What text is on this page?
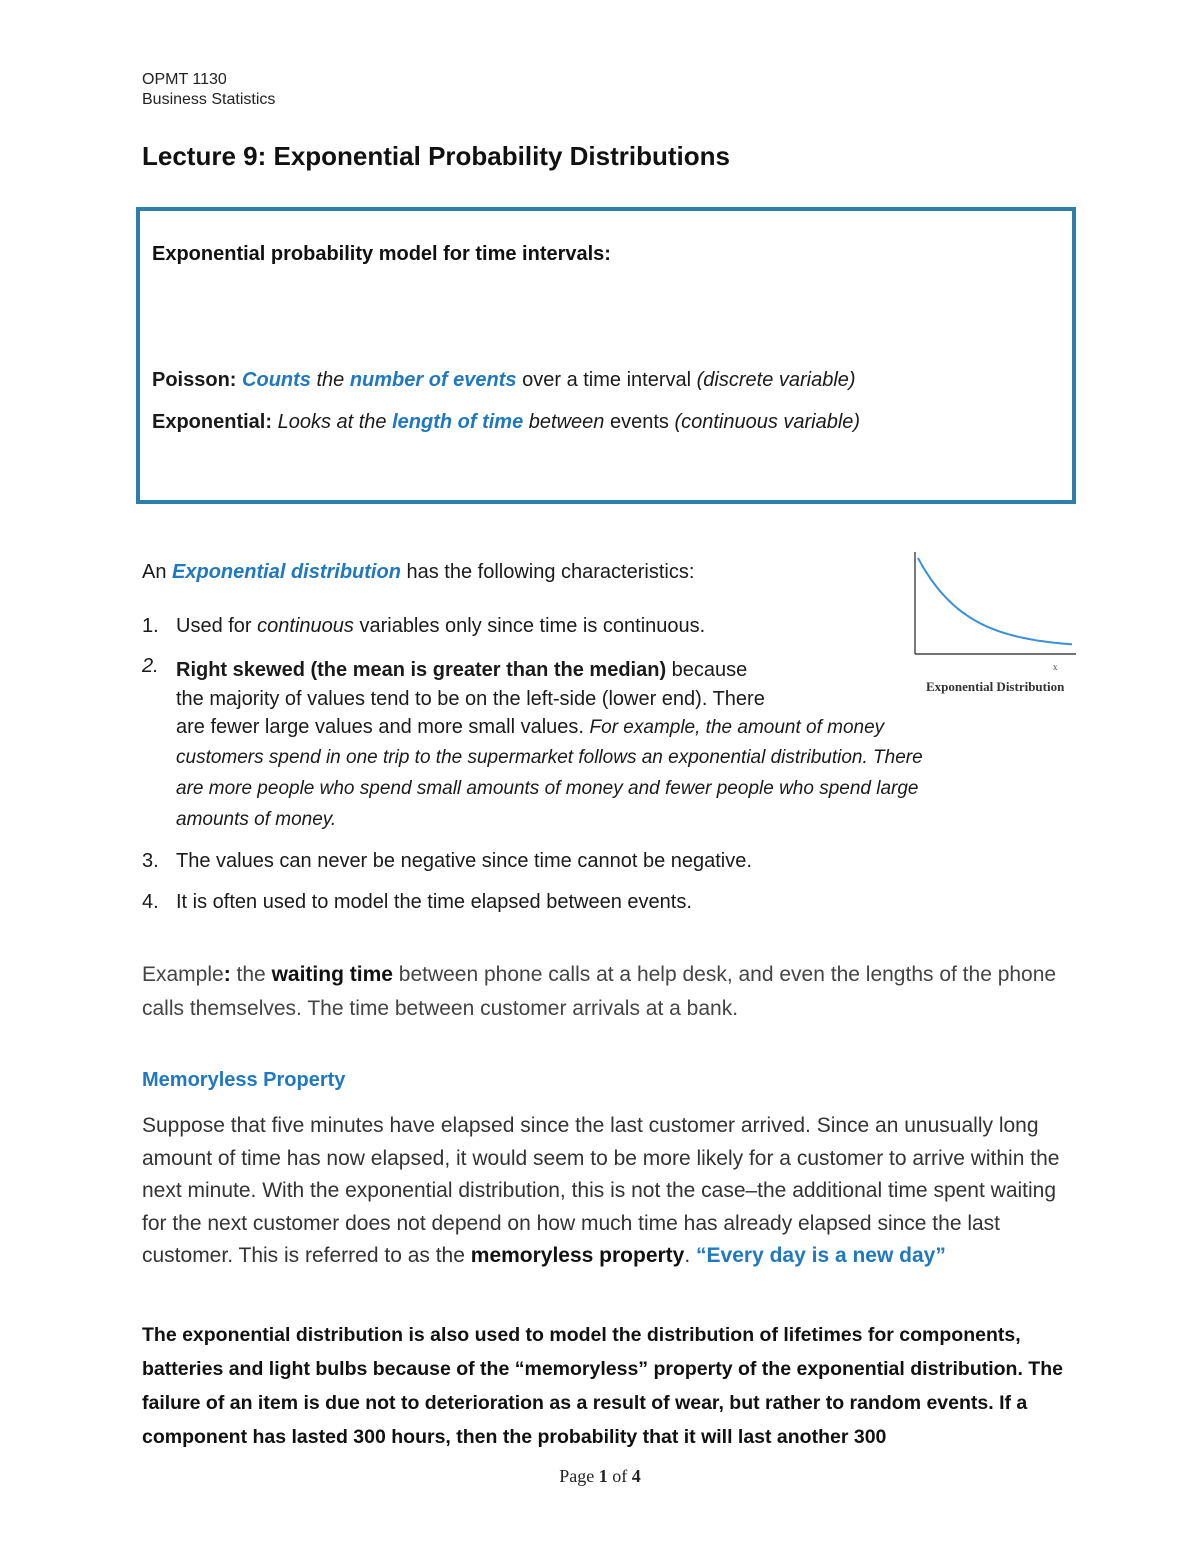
OPMT 1130
Business Statistics
Lecture 9: Exponential Probability Distributions
Exponential probability model for time intervals:
Poisson: Counts the number of events over a time interval (discrete variable)
Exponential: Looks at the length of time between events (continuous variable)
An Exponential distribution has the following characteristics:
x
Exponential Distribution
1. Used for continuous variables only since time is continuous.
2. Right skewed (the mean is greater than the median) because
the majority of values tend to be on the left-side (lower end). There
are fewer large values and more small values. For example, the amount of money
customers spend in one trip to the supermarket follows an exponential distribution. There
are more people who spend small amounts of money and fewer people who spend large
amounts of money.
3. The values can never be negative since time cannot be negative.
4. It is often used to model the time elapsed between events.
Example: the waiting time between phone calls at a help desk, and even the lengths of the phone calls themselves. The time between customer arrivals at a bank.
Memoryless Property
Suppose that five minutes have elapsed since the last customer arrived. Since an unusually long amount of time has now elapsed, it would seem to be more likely for a customer to arrive within the next minute. With the exponential distribution, this is not the case–the additional time spent waiting for the next customer does not depend on how much time has already elapsed since the last customer. This is referred to as the memoryless property. “Every day is a new day”
The exponential distribution is also used to model the distribution of lifetimes for components, batteries and light bulbs because of the “memoryless” property of the exponential distribution. The failure of an item is due not to deterioration as a result of wear, but rather to random events. If a component has lasted 300 hours, then the probability that it will last another 300
Page 1 of 4
